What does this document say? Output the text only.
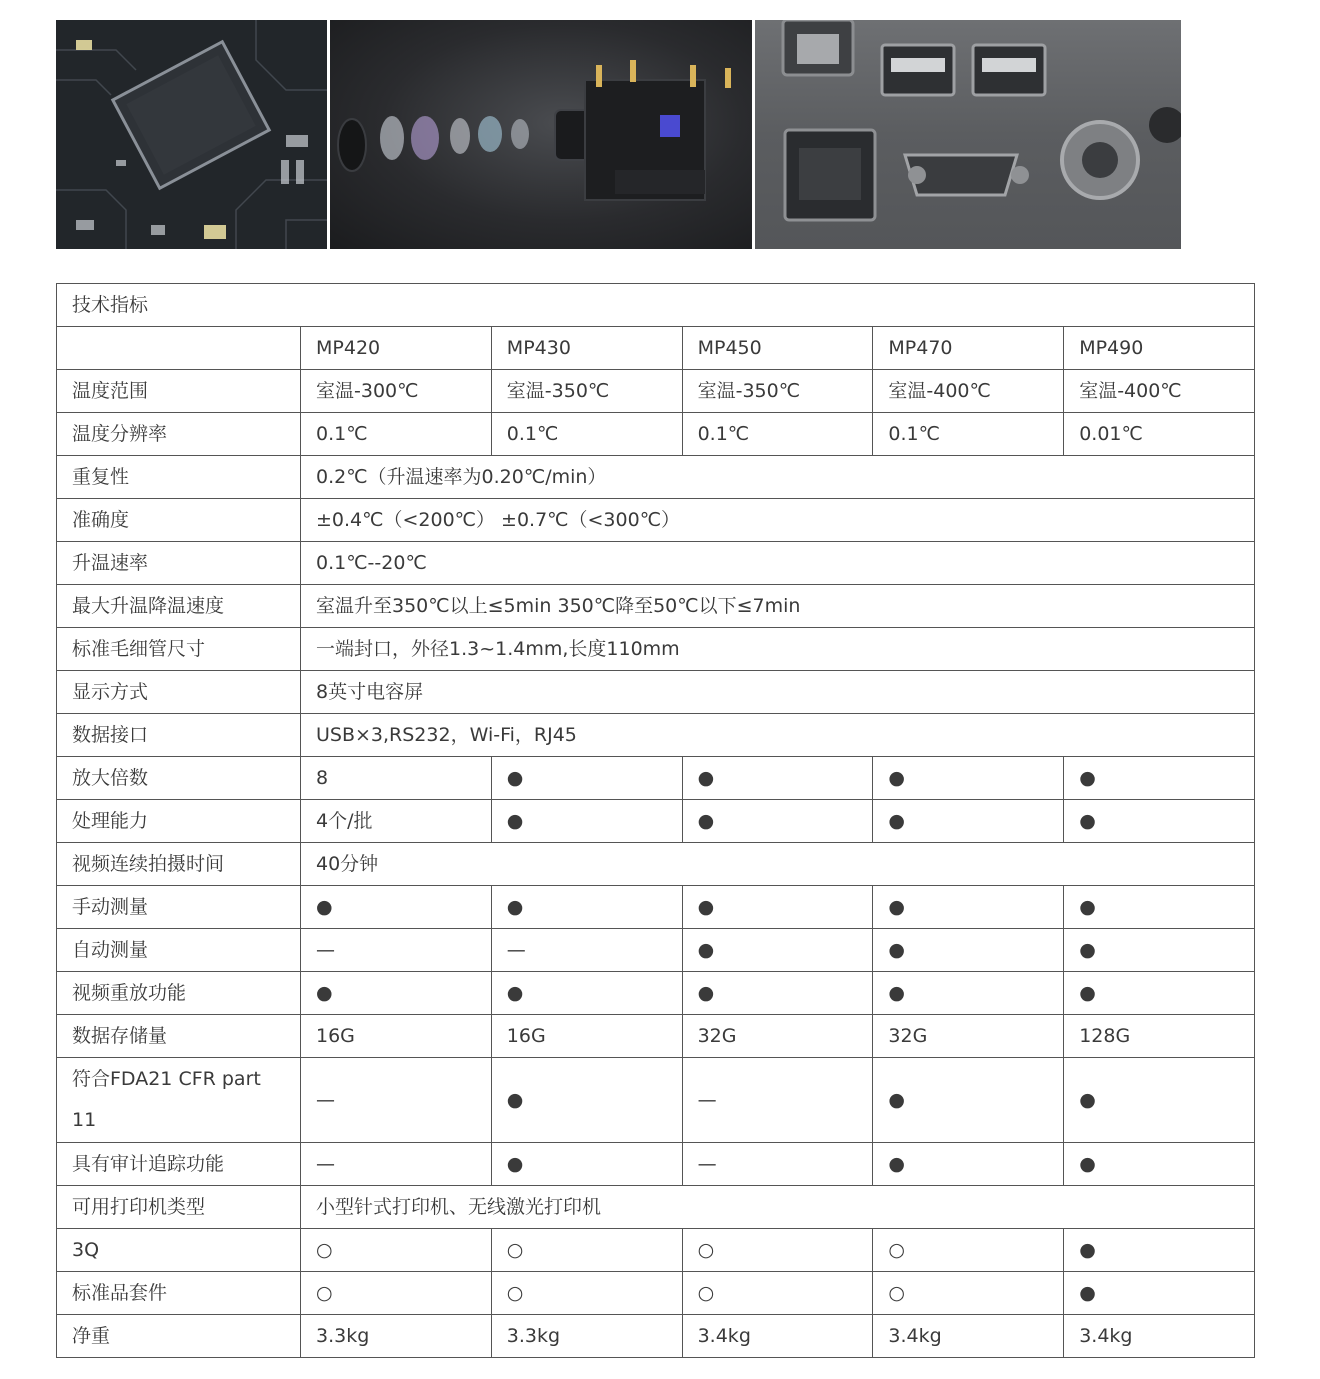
技术指标					
	MP420	MP430	MP450	MP470	MP490
温度范围	室温-300℃	室温-350℃	室温-350℃	室温-400℃	室温-400℃
温度分辨率	0.1℃	0.1℃	0.1℃	0.1℃	0.01℃
重复性	0.2℃（升温速率为0.20℃/min）				
准确度	±0.4℃（<200℃） ±0.7℃（<300℃）				
升温速率	0.1℃--20℃				
最大升温降温速度	室温升至350℃以上≤5min 350℃降至50℃以下≤7min				
标准毛细管尺寸	一端封口，外径1.3~1.4mm,长度110mm				
显示方式	8英寸电容屏				
数据接口	USB×3,RS232，Wi-Fi，RJ45				
放大倍数	8	●	●	●	●
处理能力	4个/批	●	●	●	●
视频连续拍摄时间	40分钟				
手动测量	●	●	●	●	●
自动测量	—	—	●	●	●
视频重放功能	●	●	●	●	●
数据存储量	16G	16G	32G	32G	128G
符合FDA21 CFR part 11	—	●	—	●	●
具有审计追踪功能	—	●	—	●	●
可用打印机类型	小型针式打印机、无线激光打印机				
3Q	○	○	○	○	●
标准品套件	○	○	○	○	●
净重	3.3kg	3.3kg	3.4kg	3.4kg	3.4kg
